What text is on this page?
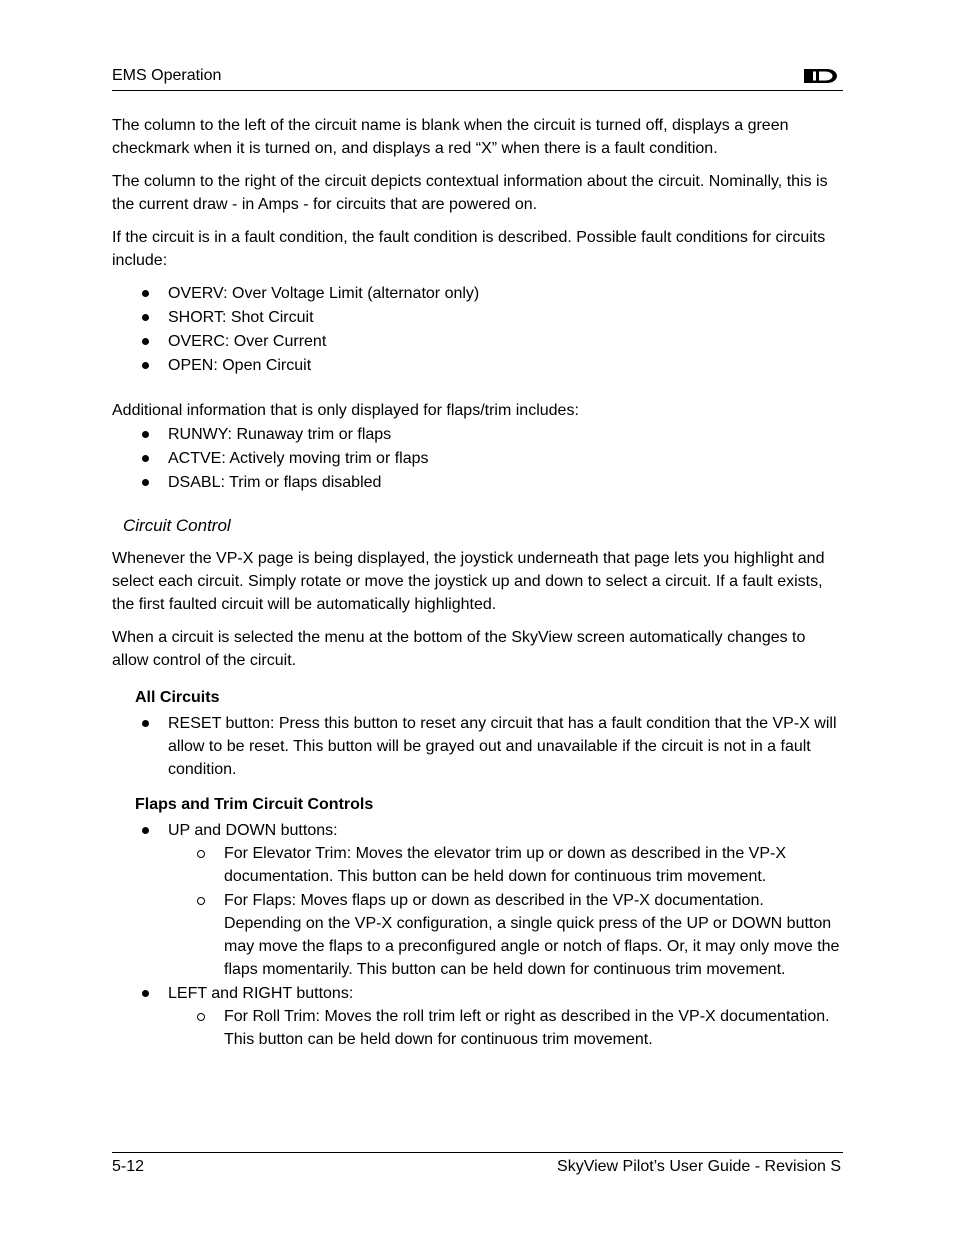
EMS Operation

The column to the left of the circuit name is blank when the circuit is turned off, displays a green checkmark when it is turned on, and displays a red “X” when there is a fault condition.

The column to the right of the circuit depicts contextual information about the circuit. Nominally, this is the current draw - in Amps - for circuits that are powered on.

If the circuit is in a fault condition, the fault condition is described. Possible fault conditions for circuits include:

OVERV: Over Voltage Limit (alternator only)
SHORT: Shot Circuit
OVERC: Over Current
OPEN: Open Circuit

Additional information that is only displayed for flaps/trim includes:

RUNWY: Runaway trim or flaps
ACTVE: Actively moving trim or flaps
DSABL: Trim or flaps disabled
Circuit Control

Whenever the VP-X page is being displayed, the joystick underneath that page lets you highlight and select each circuit. Simply rotate or move the joystick up and down to select a circuit. If a fault exists, the first faulted circuit will be automatically highlighted.

When a circuit is selected the menu at the bottom of the SkyView screen automatically changes to allow control of the circuit.

All Circuits
RESET button: Press this button to reset any circuit that has a fault condition that the VP-X will allow to be reset. This button will be grayed out and unavailable if the circuit is not in a fault condition.
Flaps and Trim Circuit Controls
UP and DOWN buttons:
For Elevator Trim: Moves the elevator trim up or down as described in the VP-X documentation. This button can be held down for continuous trim movement.
For Flaps: Moves flaps up or down as described in the VP-X documentation. Depending on the VP-X configuration, a single quick press of the UP or DOWN button may move the flaps to a preconfigured angle or notch of flaps. Or, it may only move the flaps momentarily. This button can be held down for continuous trim movement.
LEFT and RIGHT buttons:
For Roll Trim: Moves the roll trim left or right as described in the VP-X documentation. This button can be held down for continuous trim movement.
5-12	SkyView Pilot’s User Guide - Revision S
